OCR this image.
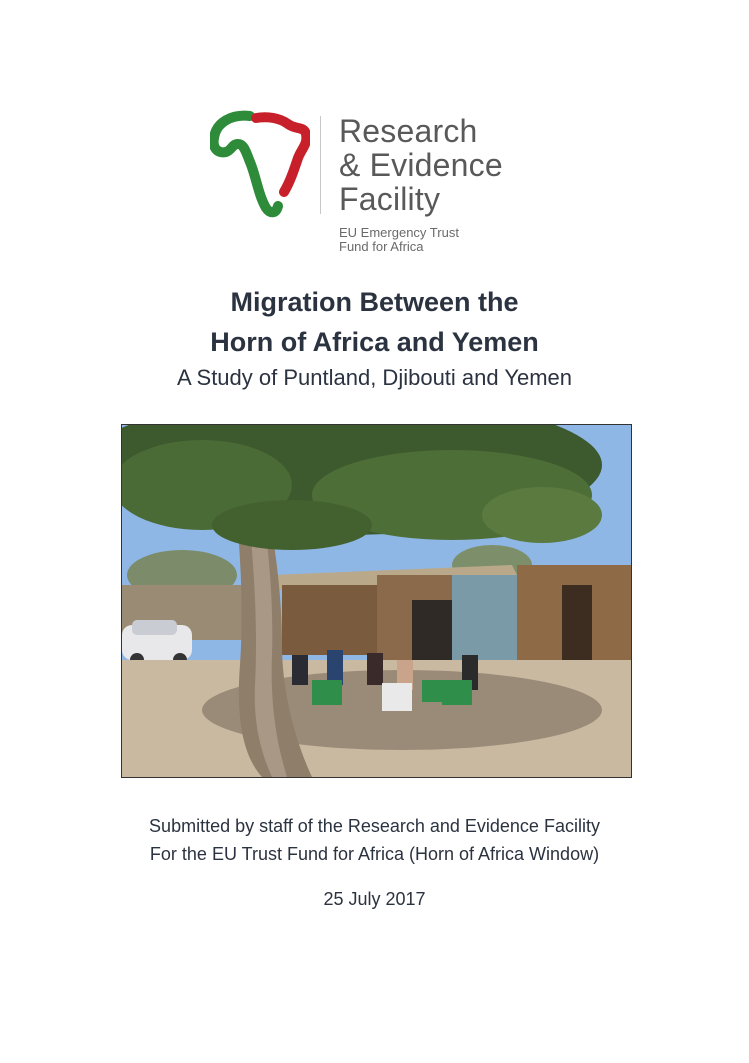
Research
& Evidence
Facility
EU Emergency Trust
Fund for Africa
Migration Between the
Horn of Africa and Yemen
A Study of Puntland, Djibouti and Yemen
Submitted by staff of the Research and Evidence Facility
For the EU Trust Fund for Africa (Horn of Africa Window)
25 July 2017
